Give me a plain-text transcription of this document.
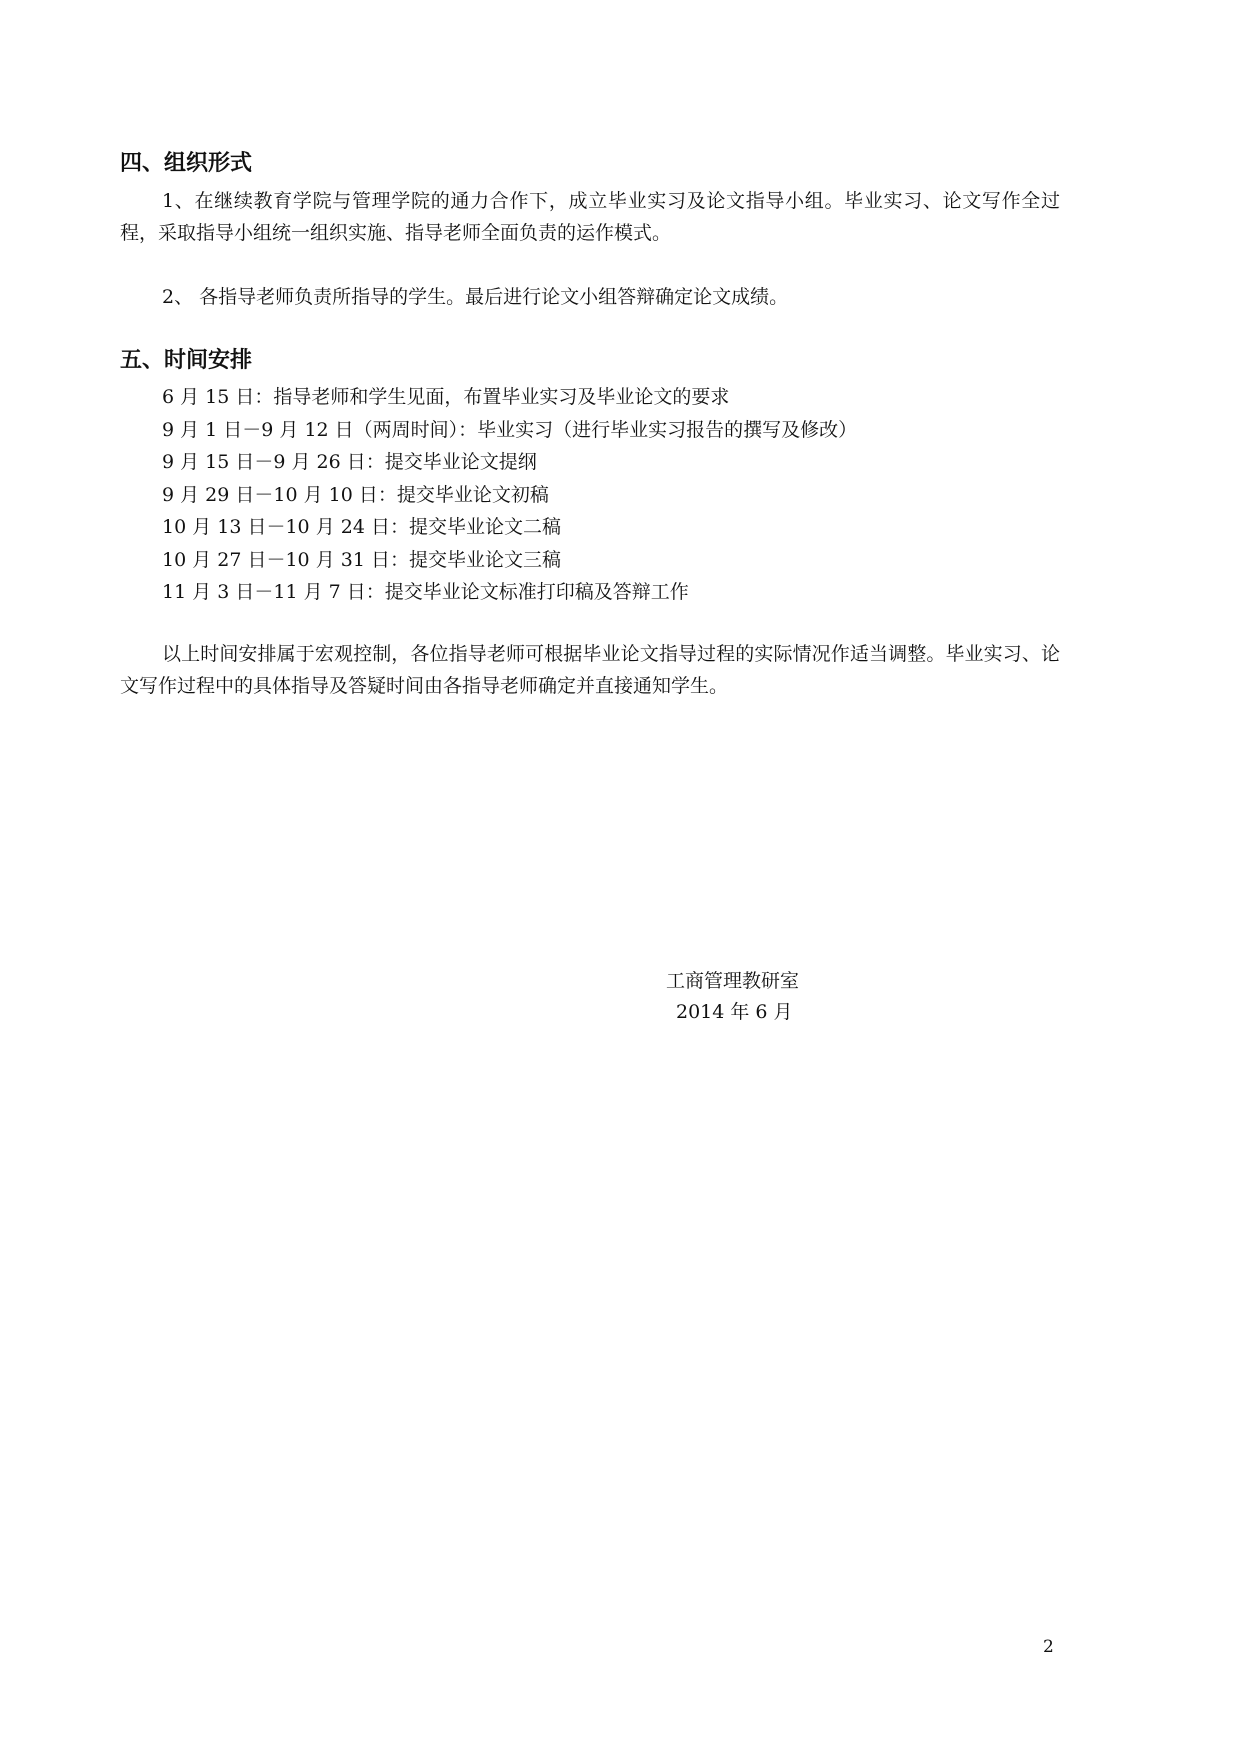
四、组织形式
1、在继续教育学院与管理学院的通力合作下，成立毕业实习及论文指导小组。毕业实习、论文写作全过程，采取指导小组统一组织实施、指导老师全面负责的运作模式。
2、 各指导老师负责所指导的学生。最后进行论文小组答辩确定论文成绩。
五、时间安排
6 月 15 日：指导老师和学生见面，布置毕业实习及毕业论文的要求
9 月 1 日－9 月 12 日（两周时间）：毕业实习（进行毕业实习报告的撰写及修改）
9 月 15 日－9 月 26 日：提交毕业论文提纲
9 月 29 日－10 月 10 日：提交毕业论文初稿
10 月 13 日－10 月 24 日：提交毕业论文二稿
10 月 27 日－10 月 31 日：提交毕业论文三稿
11 月 3 日－11 月 7 日：提交毕业论文标准打印稿及答辩工作
以上时间安排属于宏观控制，各位指导老师可根据毕业论文指导过程的实际情况作适当调整。毕业实习、论文写作过程中的具体指导及答疑时间由各指导老师确定并直接通知学生。
工商管理教研室
2014 年 6 月
2
